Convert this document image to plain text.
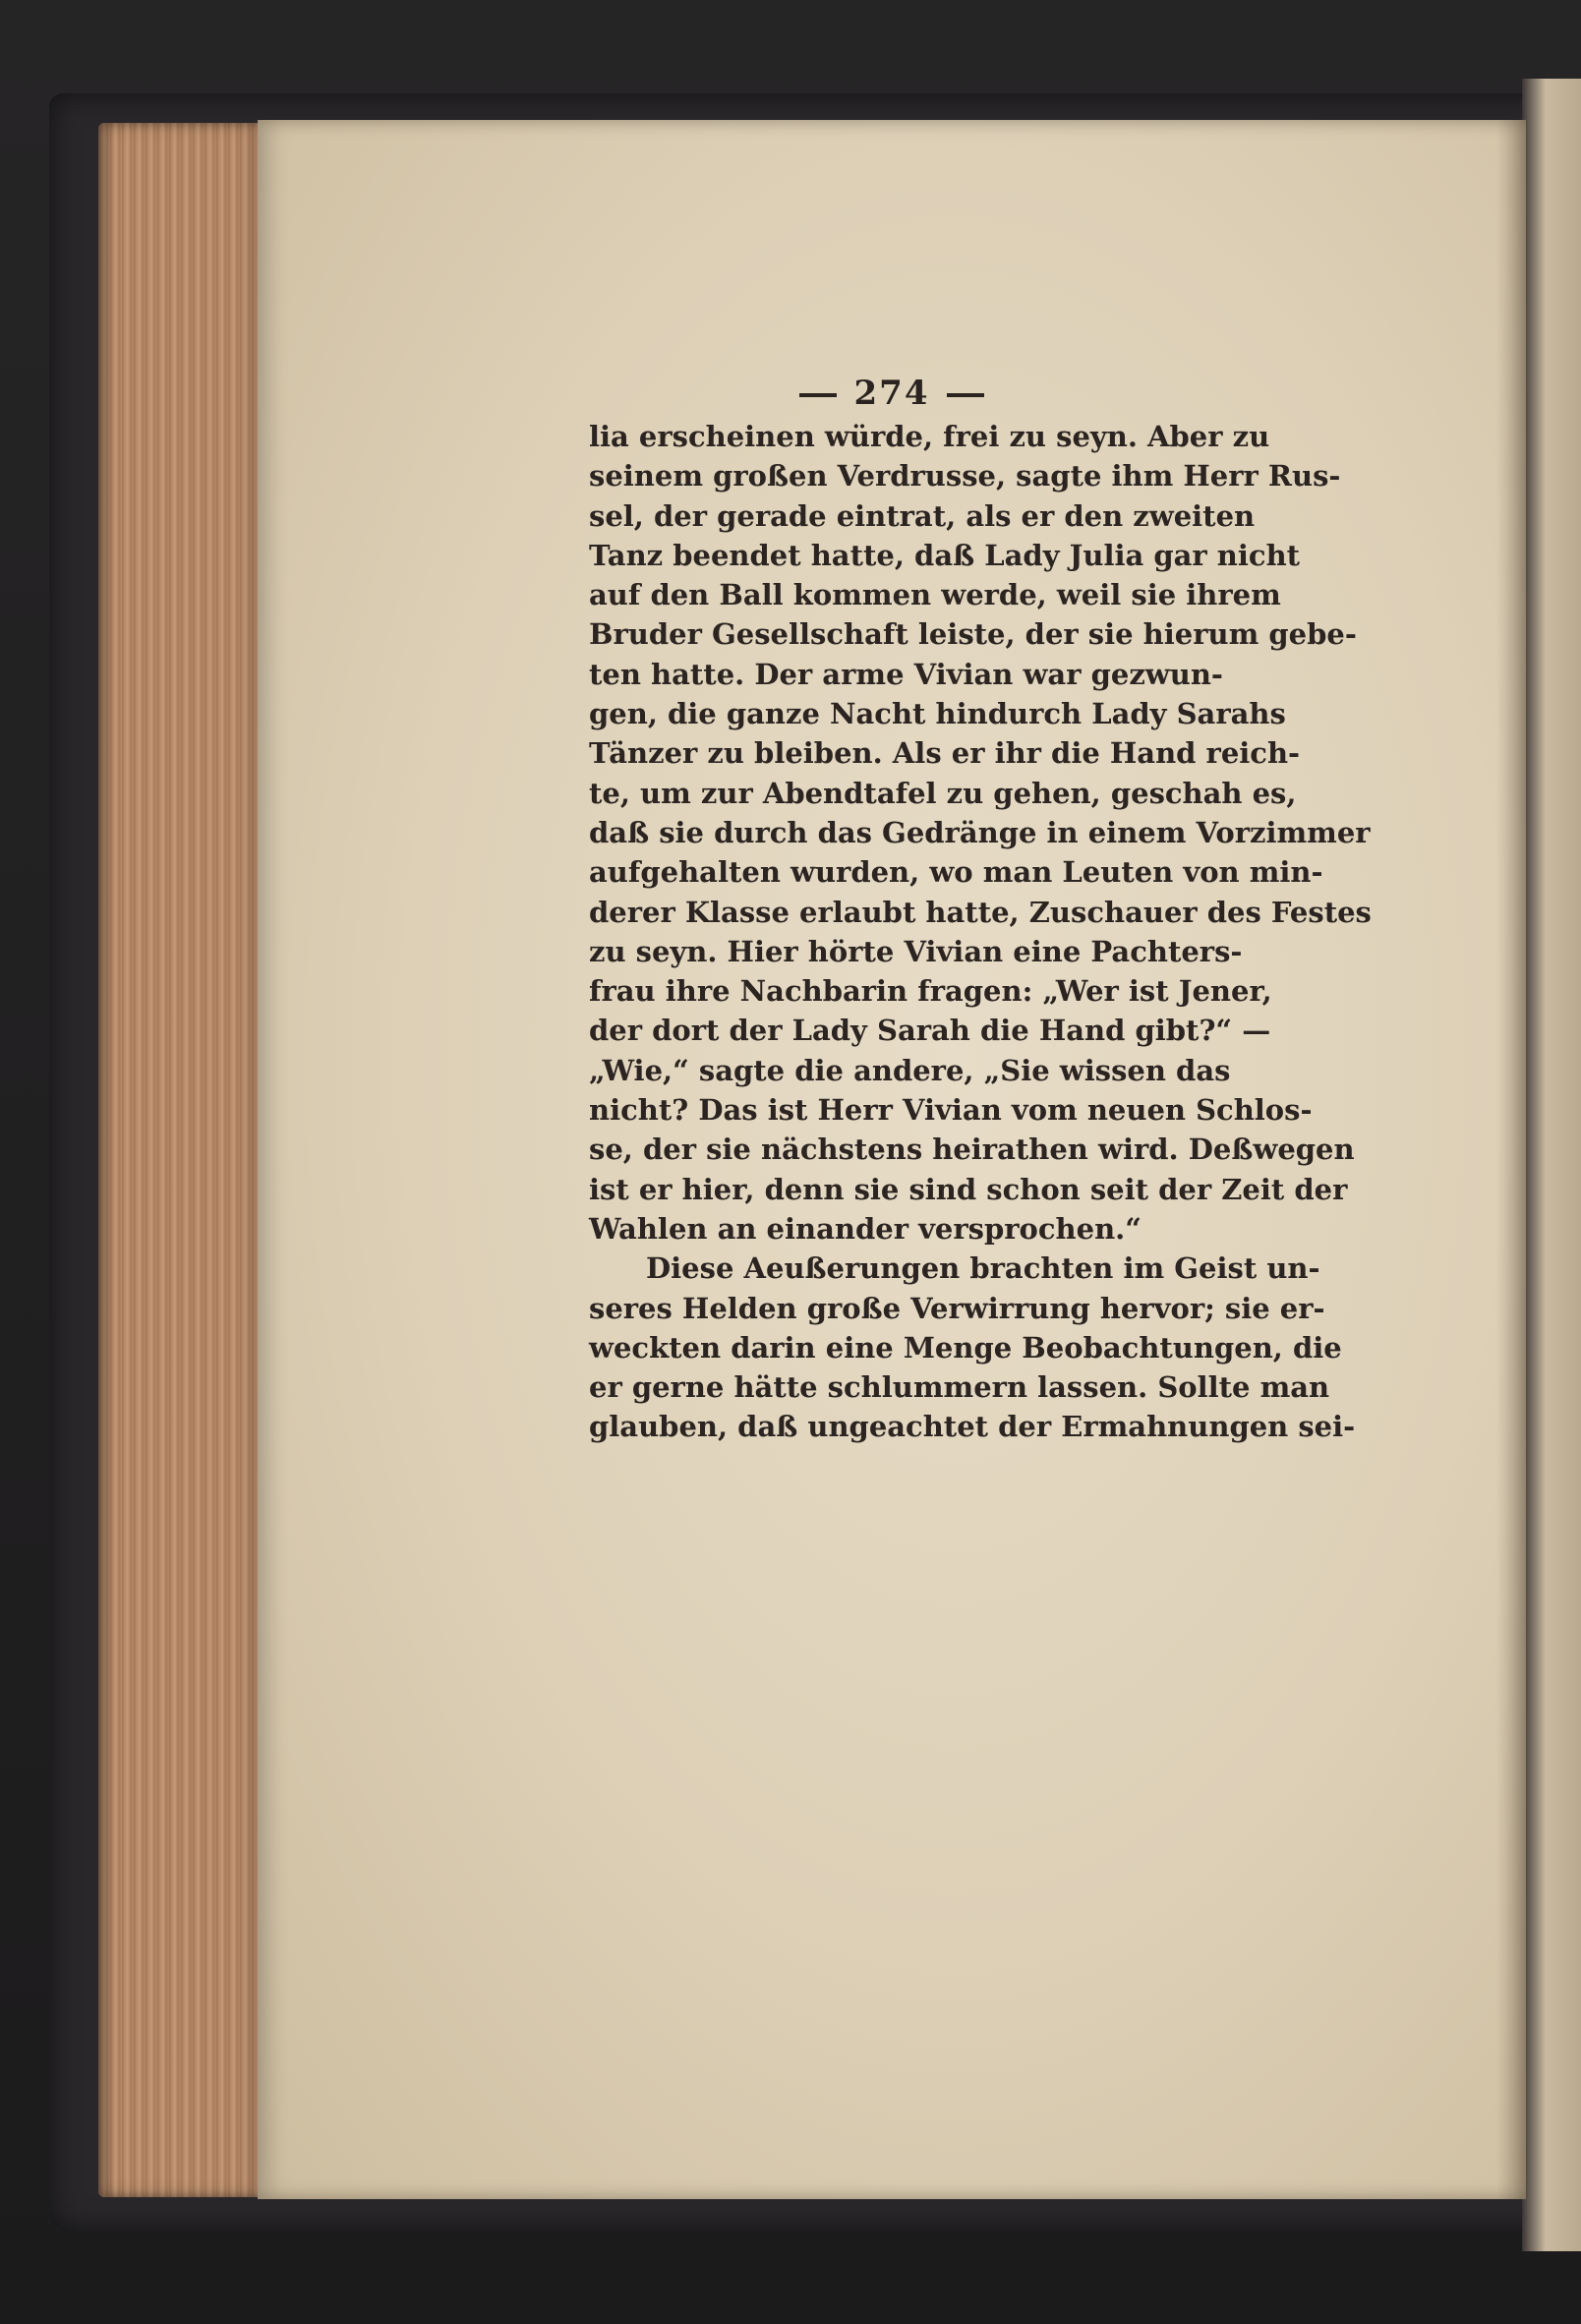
274
lia erscheinen würde, frei zu seyn. Aber zu
seinem großen Verdrusse, sagte ihm Herr Rus-
sel, der gerade eintrat, als er den zweiten
Tanz beendet hatte, daß Lady Julia gar nicht
auf den Ball kommen werde, weil sie ihrem
Bruder Gesellschaft leiste, der sie hierum gebe-
ten hatte. Der arme Vivian war gezwun-
gen, die ganze Nacht hindurch Lady Sarahs
Tänzer zu bleiben. Als er ihr die Hand reich-
te, um zur Abendtafel zu gehen, geschah es,
daß sie durch das Gedränge in einem Vorzimmer
aufgehalten wurden, wo man Leuten von min-
derer Klasse erlaubt hatte, Zuschauer des Festes
zu seyn. Hier hörte Vivian eine Pachters-
frau ihre Nachbarin fragen: „Wer ist Jener,
der dort der Lady Sarah die Hand gibt?“ —
„Wie,“ sagte die andere, „Sie wissen das
nicht? Das ist Herr Vivian vom neuen Schlos-
se, der sie nächstens heirathen wird. Deßwegen
ist er hier, denn sie sind schon seit der Zeit der
Wahlen an einander versprochen.“
Diese Aeußerungen brachten im Geist un-
seres Helden große Verwirrung hervor; sie er-
weckten darin eine Menge Beobachtungen, die
er gerne hätte schlummern lassen. Sollte man
glauben, daß ungeachtet der Ermahnungen sei-
